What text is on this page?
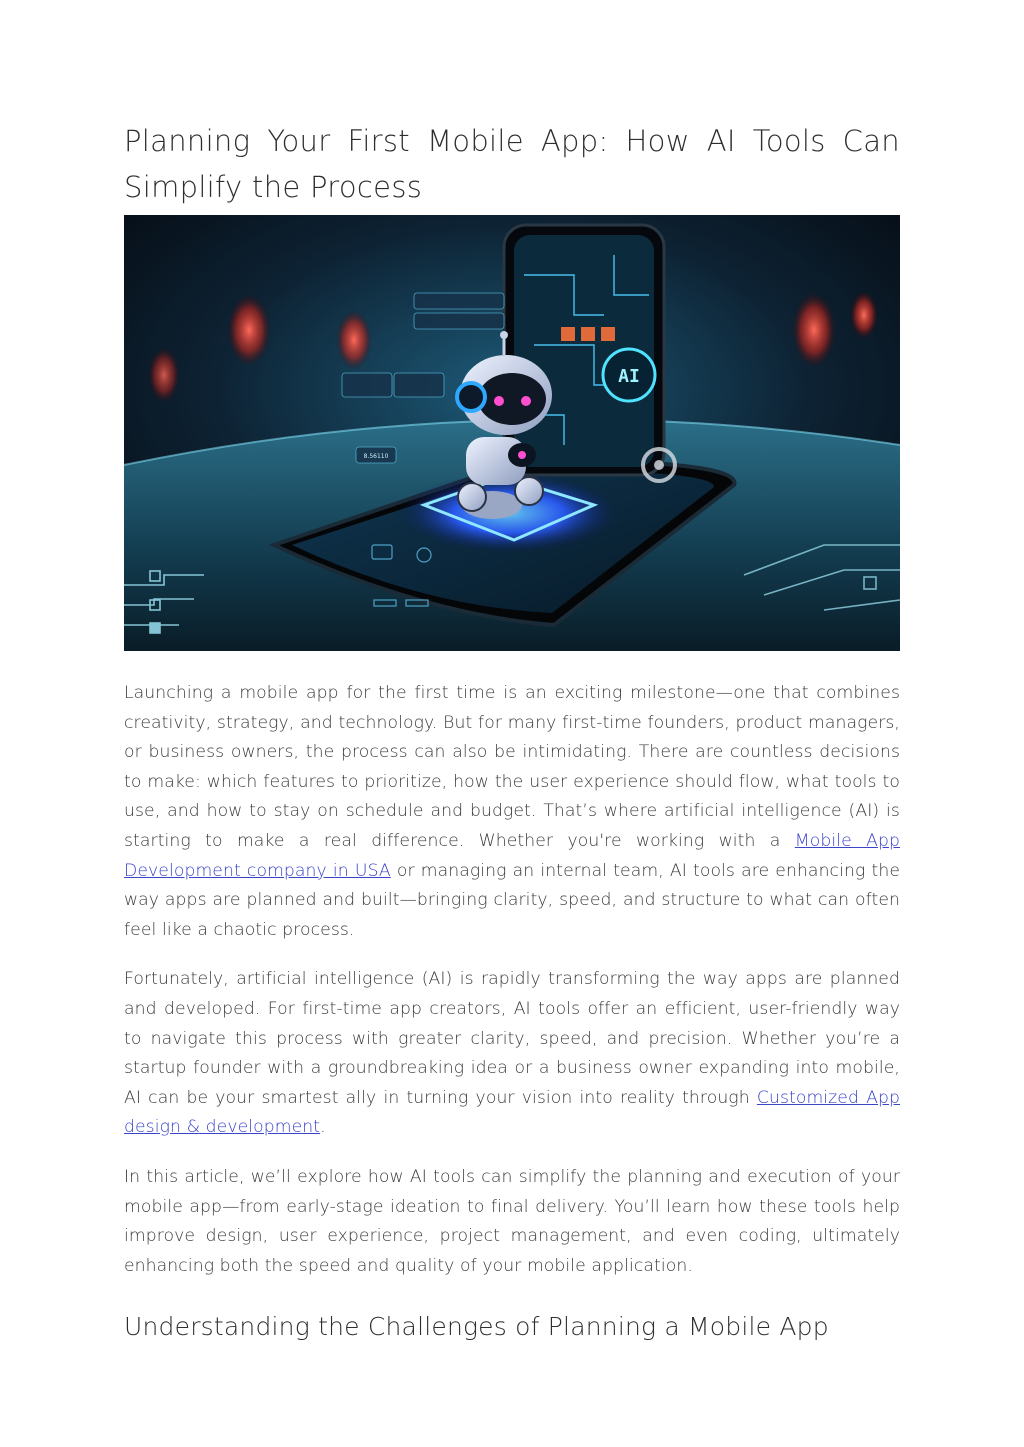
Planning Your First Mobile App: How AI Tools Can Simplify the Process
AI
8.56110

Launching a mobile app for the first time is an exciting milestone—one that combines creativity, strategy, and technology. But for many first-time founders, product managers, or business owners, the process can also be intimidating. There are countless decisions to make: which features to prioritize, how the user experience should flow, what tools to use, and how to stay on schedule and budget. That’s where artificial intelligence (AI) is starting to make a real difference. Whether you're working with a Mobile App Development company in USA or managing an internal team, AI tools are enhancing the way apps are planned and built—bringing clarity, speed, and structure to what can often feel like a chaotic process.

Fortunately, artificial intelligence (AI) is rapidly transforming the way apps are planned and developed. For first-time app creators, AI tools offer an efficient, user-friendly way to navigate this process with greater clarity, speed, and precision. Whether you’re a startup founder with a groundbreaking idea or a business owner expanding into mobile, AI can be your smartest ally in turning your vision into reality through Customized App design & development.

In this article, we’ll explore how AI tools can simplify the planning and execution of your mobile app—from early-stage ideation to final delivery. You’ll learn how these tools help improve design, user experience, project management, and even coding, ultimately enhancing both the speed and quality of your mobile application.

Understanding the Challenges of Planning a Mobile App
